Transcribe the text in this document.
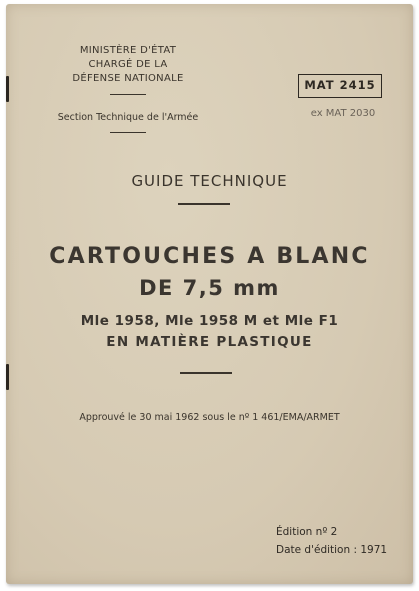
MINISTÈRE D'ÉTAT
CHARGÉ DE LA
DÉFENSE NATIONALE
Section Technique de l'Armée
MAT 2415
ex MAT 2030
GUIDE TECHNIQUE
CARTOUCHES A BLANC
DE 7,5 mm
Mle 1958, Mle 1958 M et Mle F1
EN MATIÈRE PLASTIQUE
Approuvé le 30 mai 1962 sous le nº 1 461/EMA/ARMET
Édition nº 2
Date d'édition : 1971
